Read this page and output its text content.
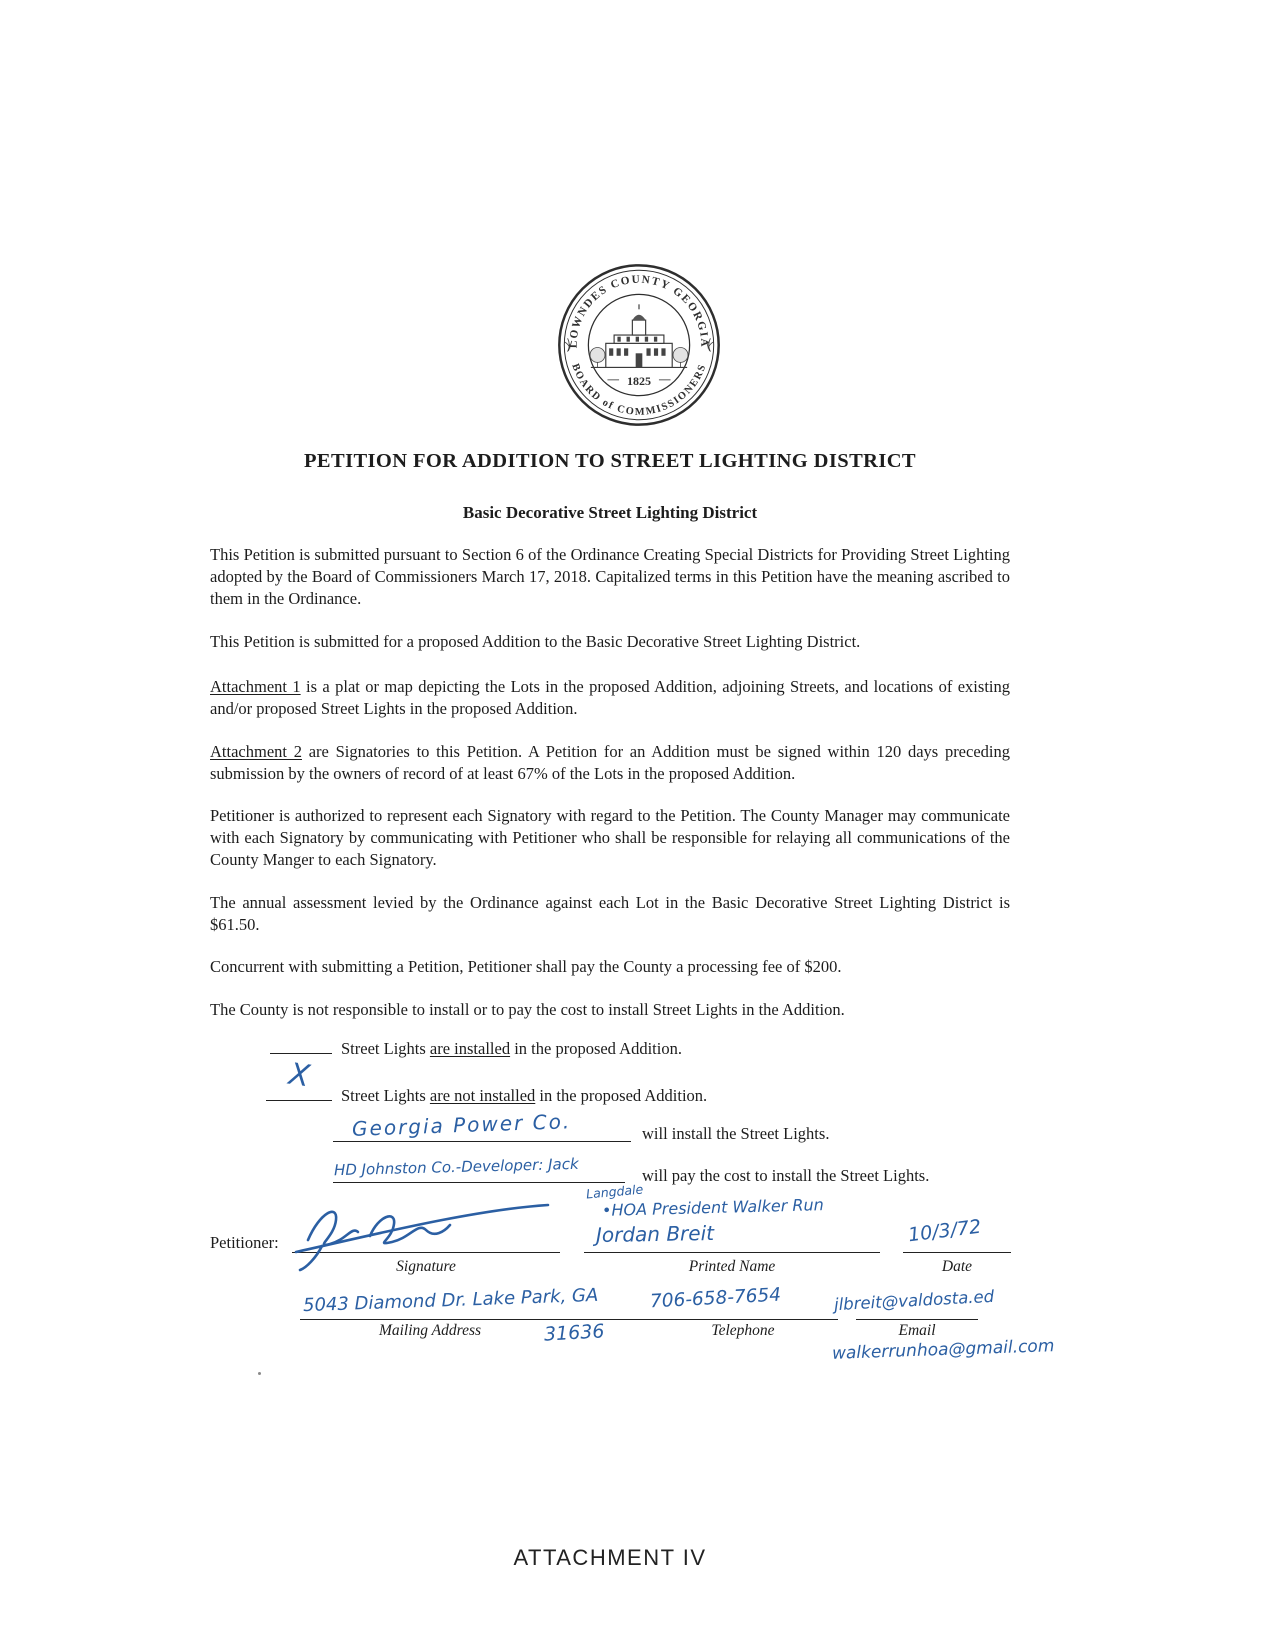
LOWNDES COUNTY GEORGIA
BOARD of COMMISSIONERS
1825
PETITION FOR ADDITION TO STREET LIGHTING DISTRICT
Basic Decorative Street Lighting District

This Petition is submitted pursuant to Section 6 of the Ordinance Creating Special Districts for Providing Street Lighting adopted by the Board of Commissioners March 17, 2018. Capitalized terms in this Petition have the meaning ascribed to them in the Ordinance.

This Petition is submitted for a proposed Addition to the Basic Decorative Street Lighting District.

Attachment 1 is a plat or map depicting the Lots in the proposed Addition, adjoining Streets, and locations of existing and/or proposed Street Lights in the proposed Addition.

Attachment 2 are Signatories to this Petition. A Petition for an Addition must be signed within 120 days preceding submission by the owners of record of at least 67% of the Lots in the proposed Addition.

Petitioner is authorized to represent each Signatory with regard to the Petition. The County Manager may communicate with each Signatory by communicating with Petitioner who shall be responsible for relaying all communications of the County Manger to each Signatory.

The annual assessment levied by the Ordinance against each Lot in the Basic Decorative Street Lighting District is $61.50.

Concurrent with submitting a Petition, Petitioner shall pay the County a processing fee of $200.

The County is not responsible to install or to pay the cost to install Street Lights in the Addition.

Street Lights are installed in the proposed Addition.
Street Lights are not installed in the proposed Addition.
X
Georgia Power Co.	will install the Street Lights.
HD Johnston Co.-Developer: Jack
Langdale
will pay the cost to install the Street Lights.
•HOA President Walker Run
Petitioner:
Signature
Jordan Breit
Printed Name
10/3/72
Date
5043 Diamond Dr. Lake Park, GA
Mailing Address	31636
706-658-7654
Telephone
jlbreit@valdosta.ed
Email
walkerrunhoa@gmail.com
ATTACHMENT IV
